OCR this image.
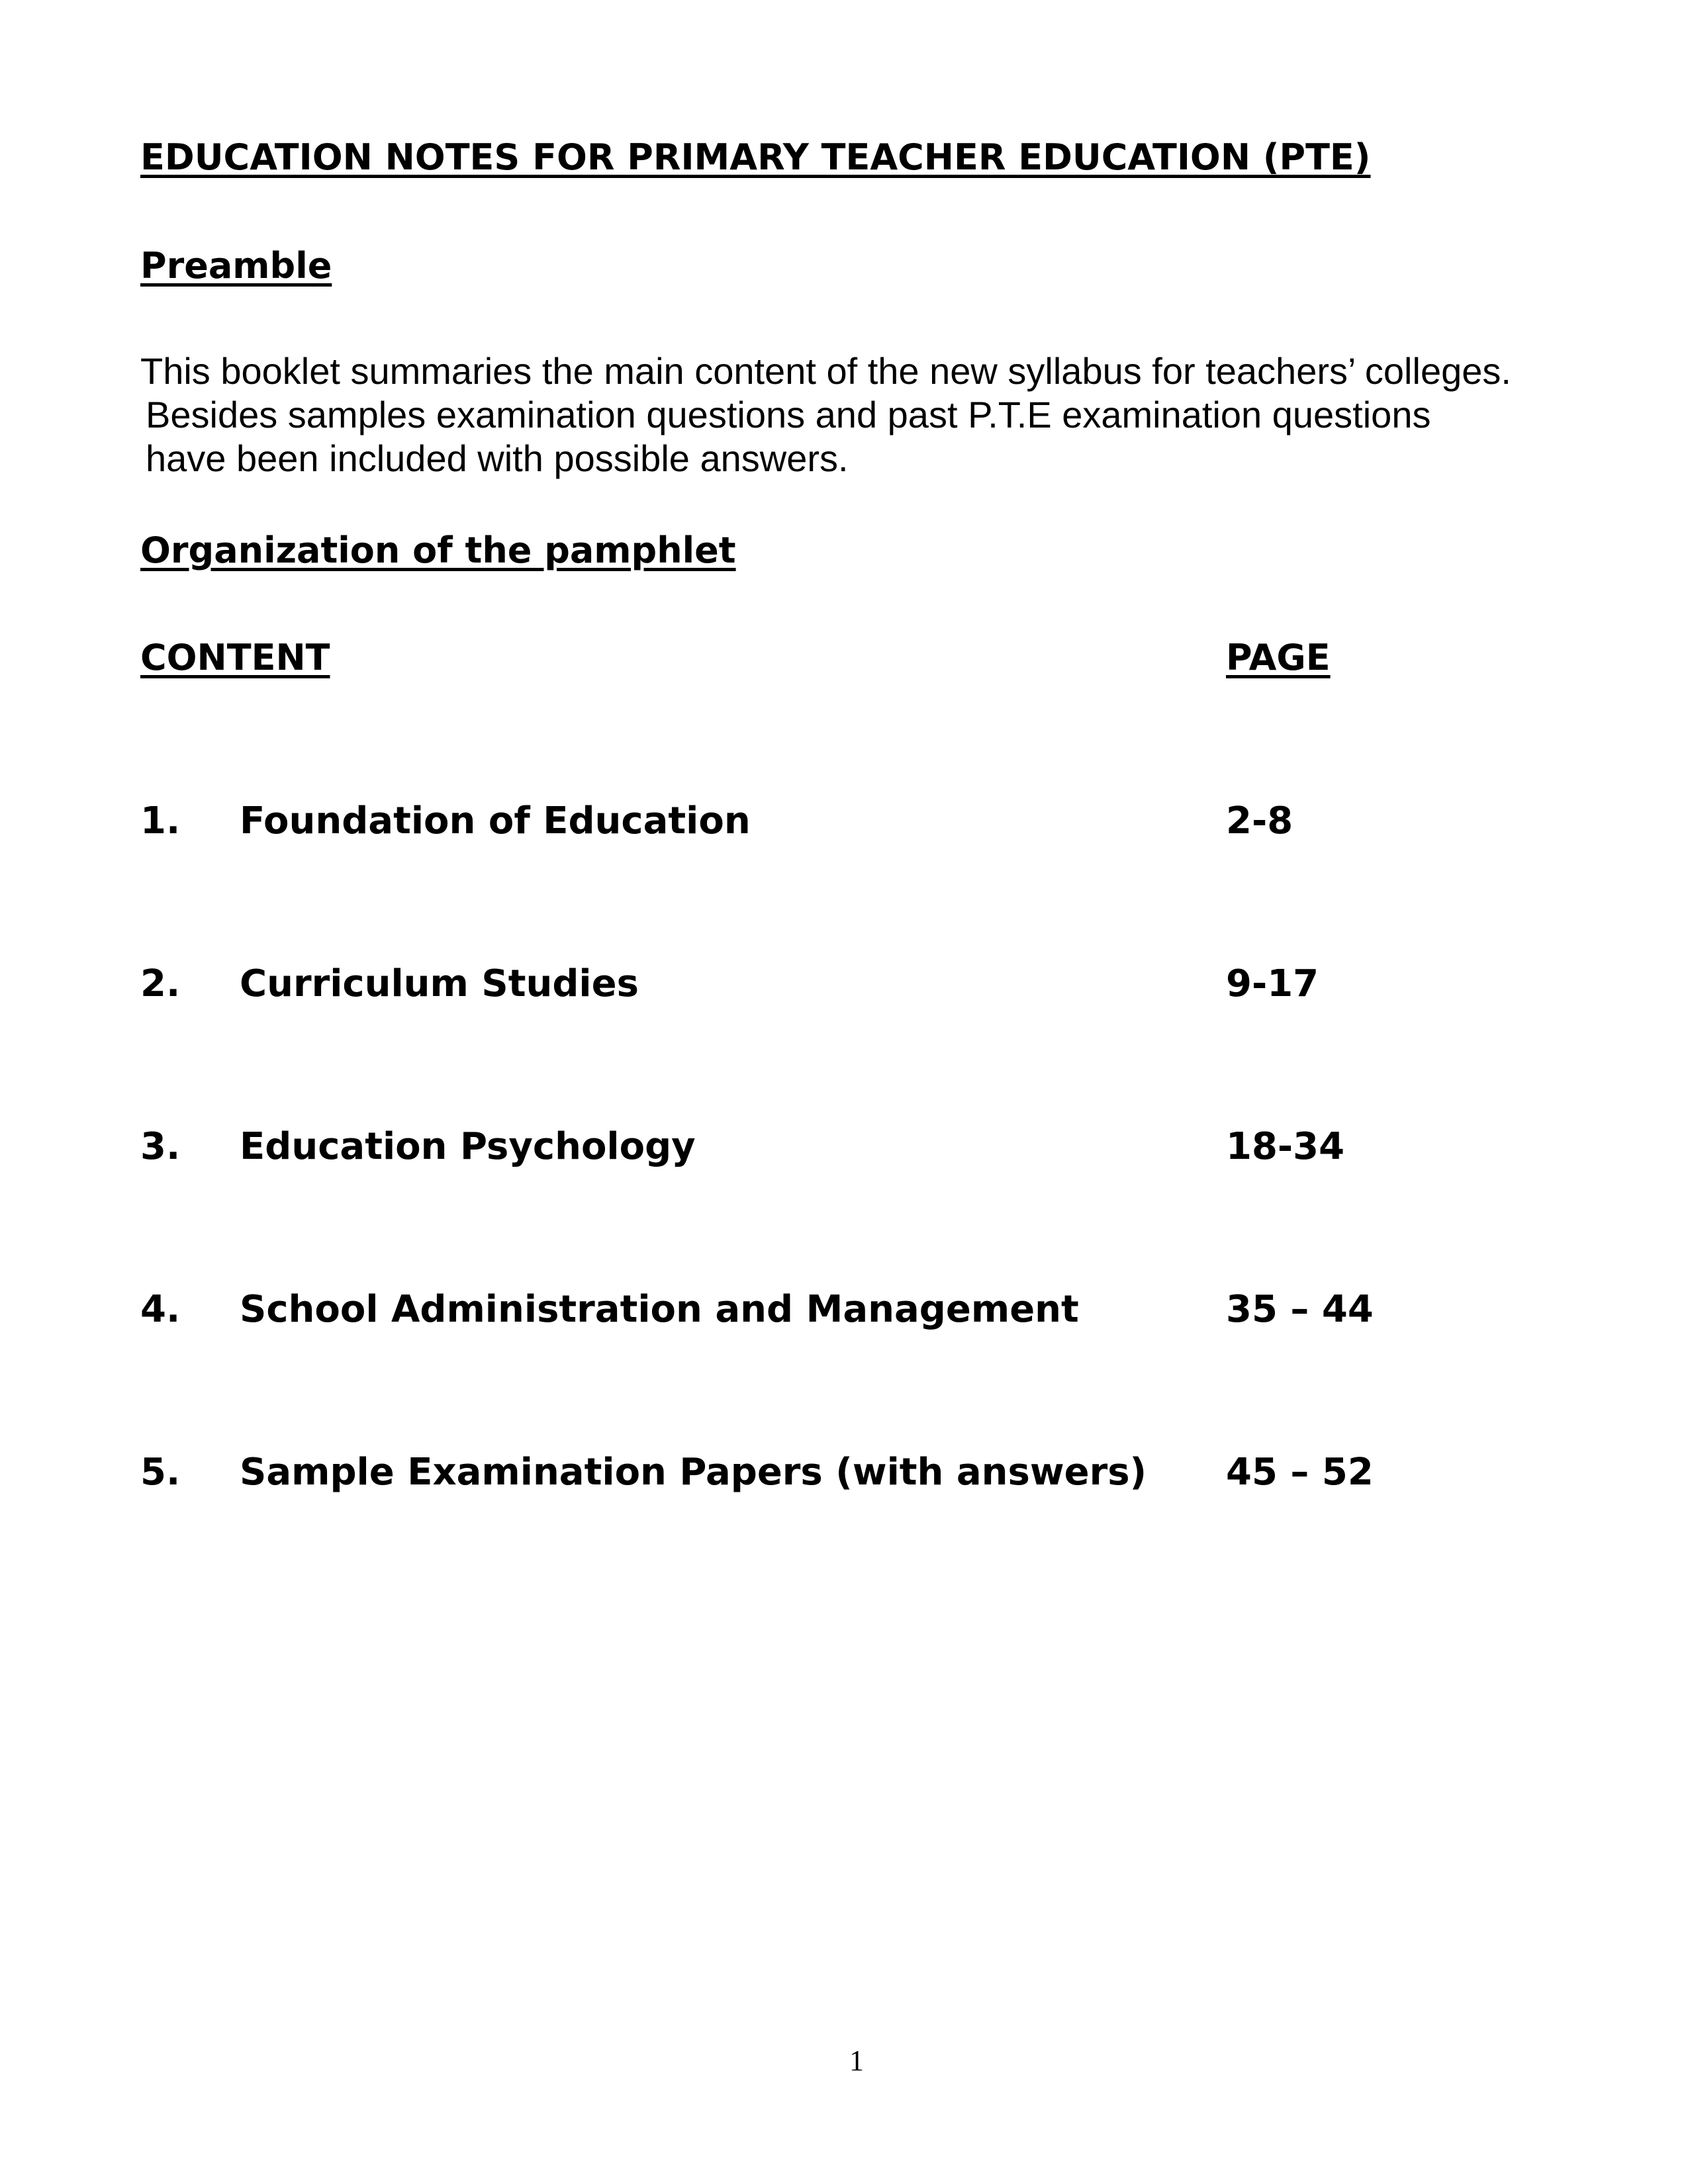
EDUCATION NOTES FOR PRIMARY TEACHER EDUCATION (PTE)
Preamble
This booklet summaries the main content of the new syllabus for teachers’ colleges.
Besides samples examination questions and past P.T.E examination questions
have been included with possible answers.
Organization of the pamphlet
CONTENT	PAGE
1. Foundation of Education	2-8
2. Curriculum Studies	9-17
3. Education Psychology	18-34
4. School Administration and Management	35 – 44
5. Sample Examination Papers (with answers) 45 – 52
1
